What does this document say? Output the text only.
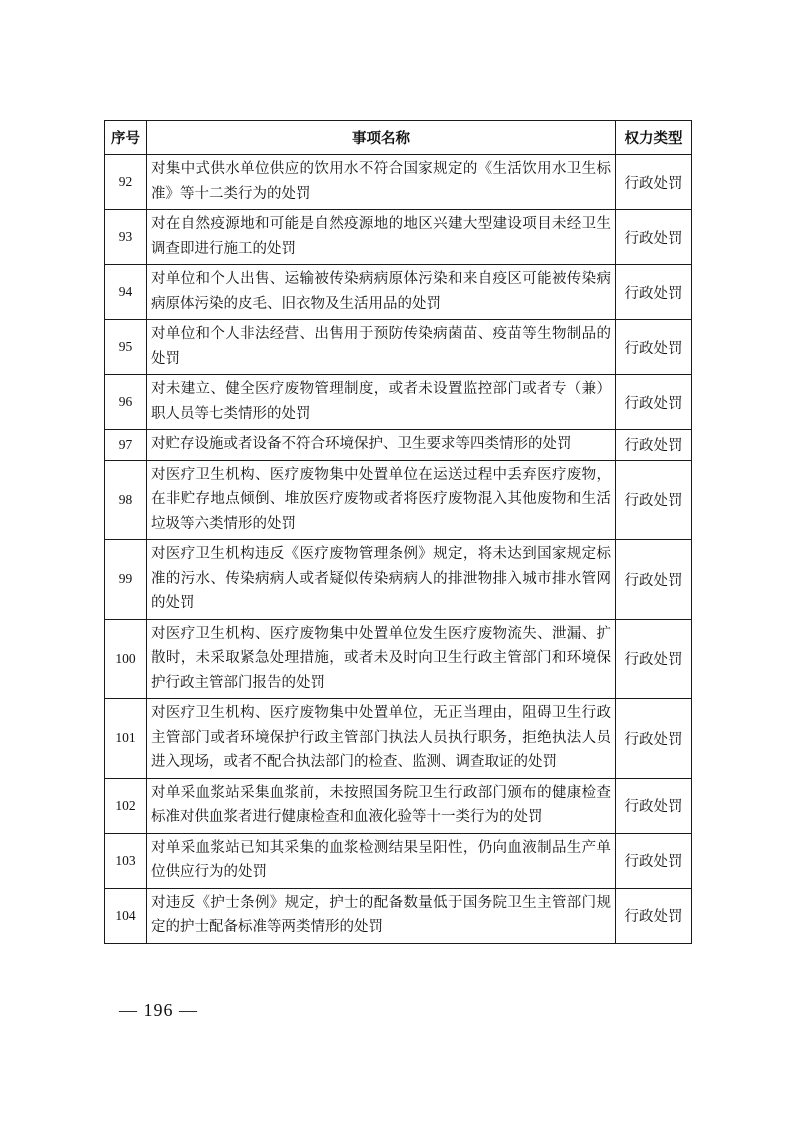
序号	事项名称	权力类型
92	对集中式供水单位供应的饮用水不符合国家规定的《生活饮用水卫生标准》等十二类行为的处罚	行政处罚
93	对在自然疫源地和可能是自然疫源地的地区兴建大型建设项目未经卫生调查即进行施工的处罚	行政处罚
94	对单位和个人出售、运输被传染病病原体污染和来自疫区可能被传染病病原体污染的皮毛、旧衣物及生活用品的处罚	行政处罚
95	对单位和个人非法经营、出售用于预防传染病菌苗、疫苗等生物制品的处罚	行政处罚
96	对未建立、健全医疗废物管理制度，或者未设置监控部门或者专（兼）职人员等七类情形的处罚	行政处罚
97	对贮存设施或者设备不符合环境保护、卫生要求等四类情形的处罚	行政处罚
98	对医疗卫生机构、医疗废物集中处置单位在运送过程中丢弃医疗废物，在非贮存地点倾倒、堆放医疗废物或者将医疗废物混入其他废物和生活垃圾等六类情形的处罚	行政处罚
99	对医疗卫生机构违反《医疗废物管理条例》规定，将未达到国家规定标准的污水、传染病病人或者疑似传染病病人的排泄物排入城市排水管网的处罚	行政处罚
100	对医疗卫生机构、医疗废物集中处置单位发生医疗废物流失、泄漏、扩散时，未采取紧急处理措施，或者未及时向卫生行政主管部门和环境保护行政主管部门报告的处罚	行政处罚
101	对医疗卫生机构、医疗废物集中处置单位，无正当理由，阻碍卫生行政主管部门或者环境保护行政主管部门执法人员执行职务，拒绝执法人员进入现场，或者不配合执法部门的检查、监测、调查取证的处罚	行政处罚
102	对单采血浆站采集血浆前，未按照国务院卫生行政部门颁布的健康检查标准对供血浆者进行健康检查和血液化验等十一类行为的处罚	行政处罚
103	对单采血浆站已知其采集的血浆检测结果呈阳性，仍向血液制品生产单位供应行为的处罚	行政处罚
104	对违反《护士条例》规定，护士的配备数量低于国务院卫生主管部门规定的护士配备标准等两类情形的处罚	行政处罚
— 196 —
